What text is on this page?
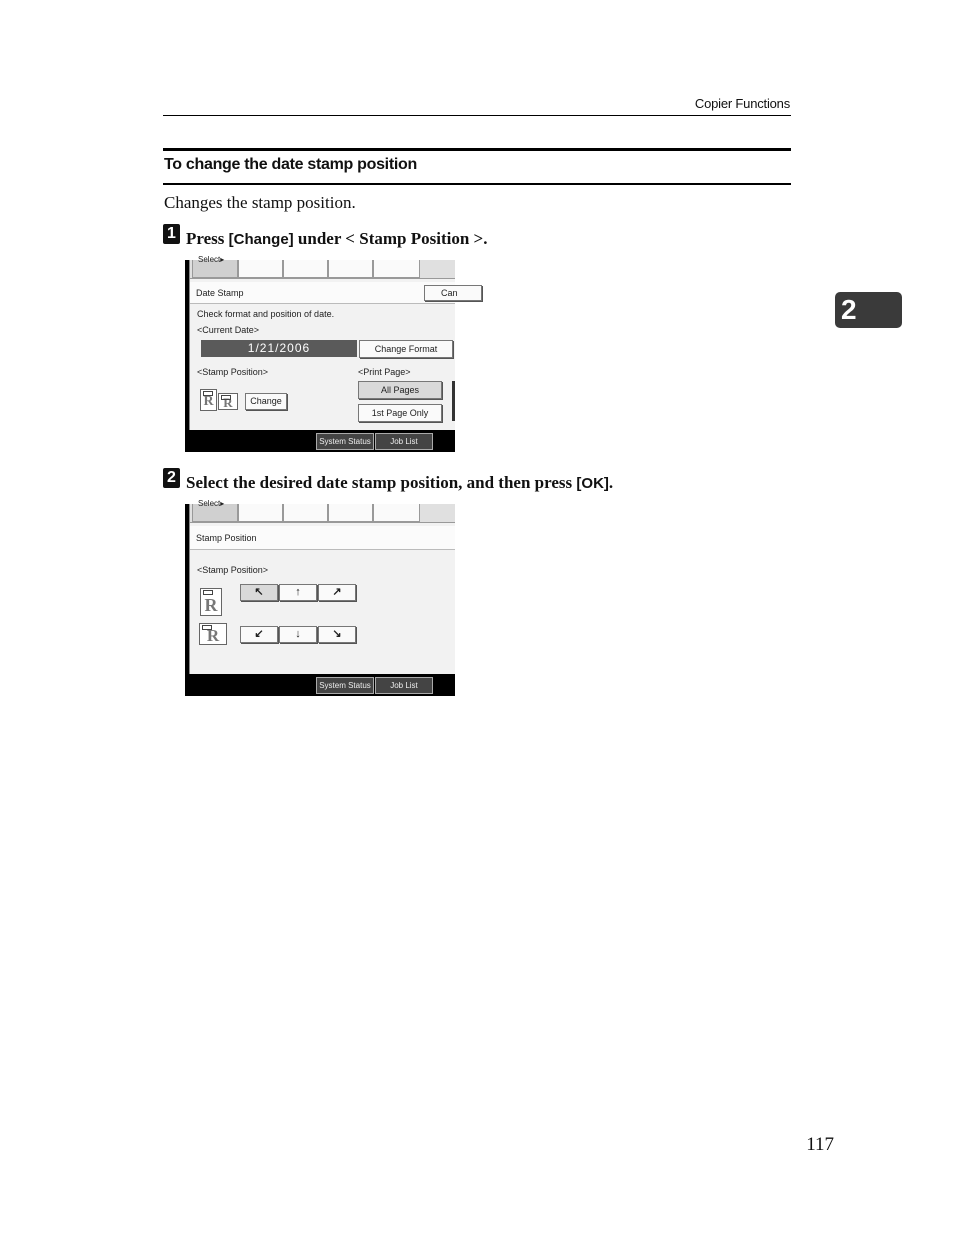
Copier Functions
To change the date stamp position
Changes the stamp position.
2
1 Press [Change] under < Stamp Position >.
Select▸
Date Stamp	Can
Check format and position of date.
<Current Date>
1/21/2006	Change Format
<Stamp Position>
R R	Change
<Print Page>
All Pages
1st Page Only
System Status	Job List
2 Select the desired date stamp position, and then press [OK].
Select▸
Stamp Position
<Stamp Position>
R
R
↖	↑	↗
↙	↓	↘
System Status	Job List
117
